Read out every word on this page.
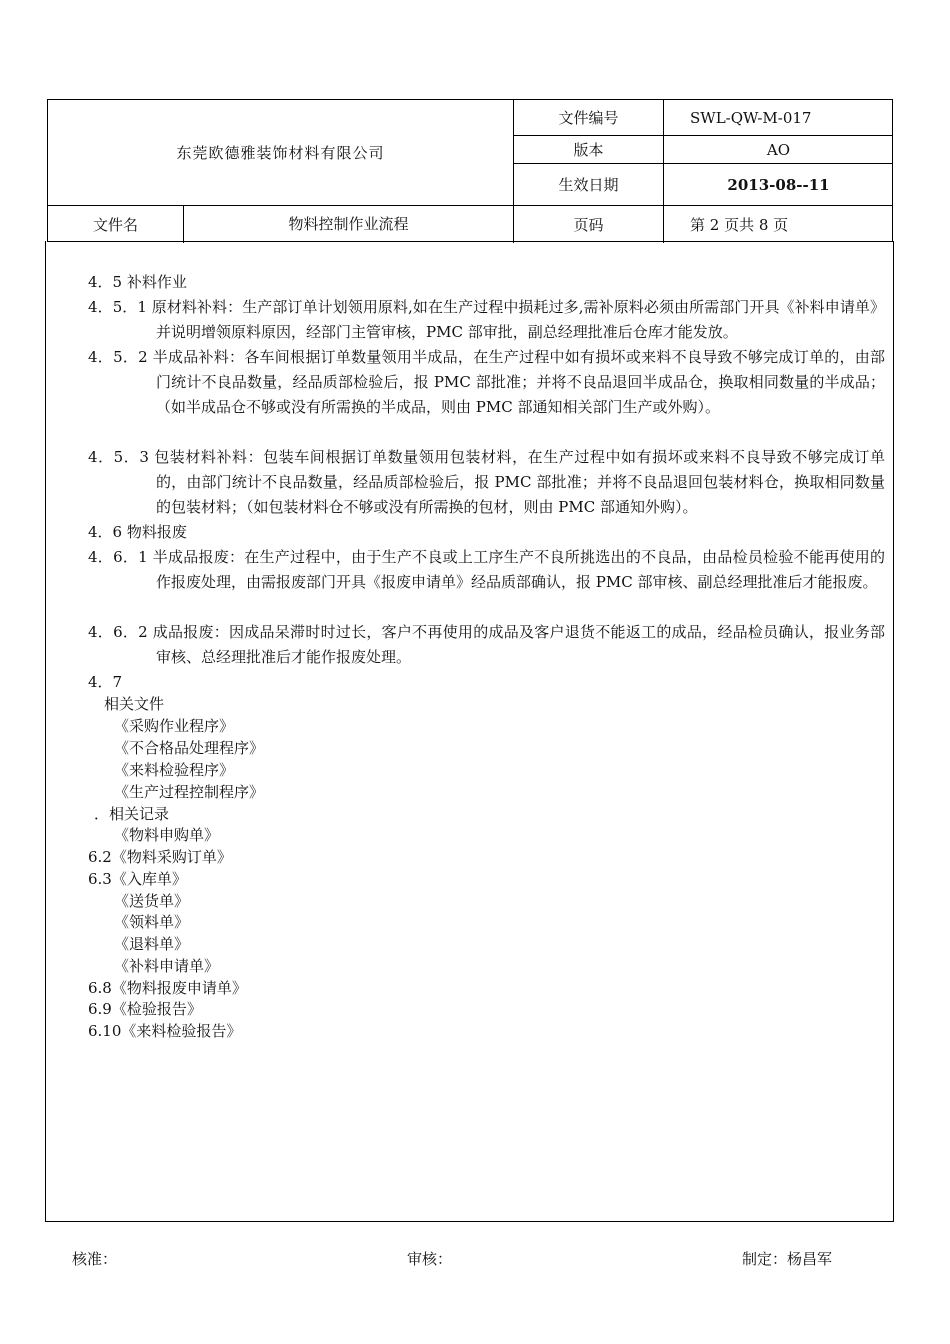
东莞欧德雅装饰材料有限公司
文件编号	SWL-QW-M-017
版本	AO
生效日期	2013-08--11
文件名	物料控制作业流程	页码	第 2 页共 8 页
4．5 补料作业
4．5．1 原材料补料：生产部订单计划领用原料,如在生产过程中损耗过多,需补原料必须由所需部门开具《补料申请单》并说明增领原料原因，经部门主管审核，PMC 部审批，副总经理批准后仓库才能发放。
4．5．2 半成品补料：各车间根据订单数量领用半成品，在生产过程中如有损坏或来料不良导致不够完成订单的，由部门统计不良品数量，经品质部检验后，报 PMC 部批准；并将不良品退回半成品仓，换取相同数量的半成品；（如半成品仓不够或没有所需换的半成品，则由 PMC 部通知相关部门生产或外购）。
4．5．3 包装材料补料：包装车间根据订单数量领用包装材料，在生产过程中如有损坏或来料不良导致不够完成订单的，由部门统计不良品数量，经品质部检验后，报 PMC 部批准；并将不良品退回包装材料仓，换取相同数量的包装材料；（如包装材料仓不够或没有所需换的包材，则由 PMC 部通知外购）。
4．6 物料报废
4．6．1 半成品报废：在生产过程中，由于生产不良或上工序生产不良所挑选出的不良品，由品检员检验不能再使用的作报废处理，由需报废部门开具《报废申请单》经品质部确认，报 PMC 部审核、副总经理批准后才能报废。
4．6．2 成品报废：因成品呆滞时时过长，客户不再使用的成品及客户退货不能返工的成品，经品检员确认，报业务部审核、总经理批准后才能作报废处理。
4．7
相关文件
《采购作业程序》
《不合格品处理程序》
《来料检验程序》
《生产过程控制程序》
．相关记录
《物料申购单》
6.2《物料采购订单》
6.3《入库单》
《送货单》
《领料单》
《退料单》
《补料申请单》
6.8《物料报废申请单》
6.9《检验报告》
6.10《来料检验报告》
核准：	审核：	制定：杨昌军
